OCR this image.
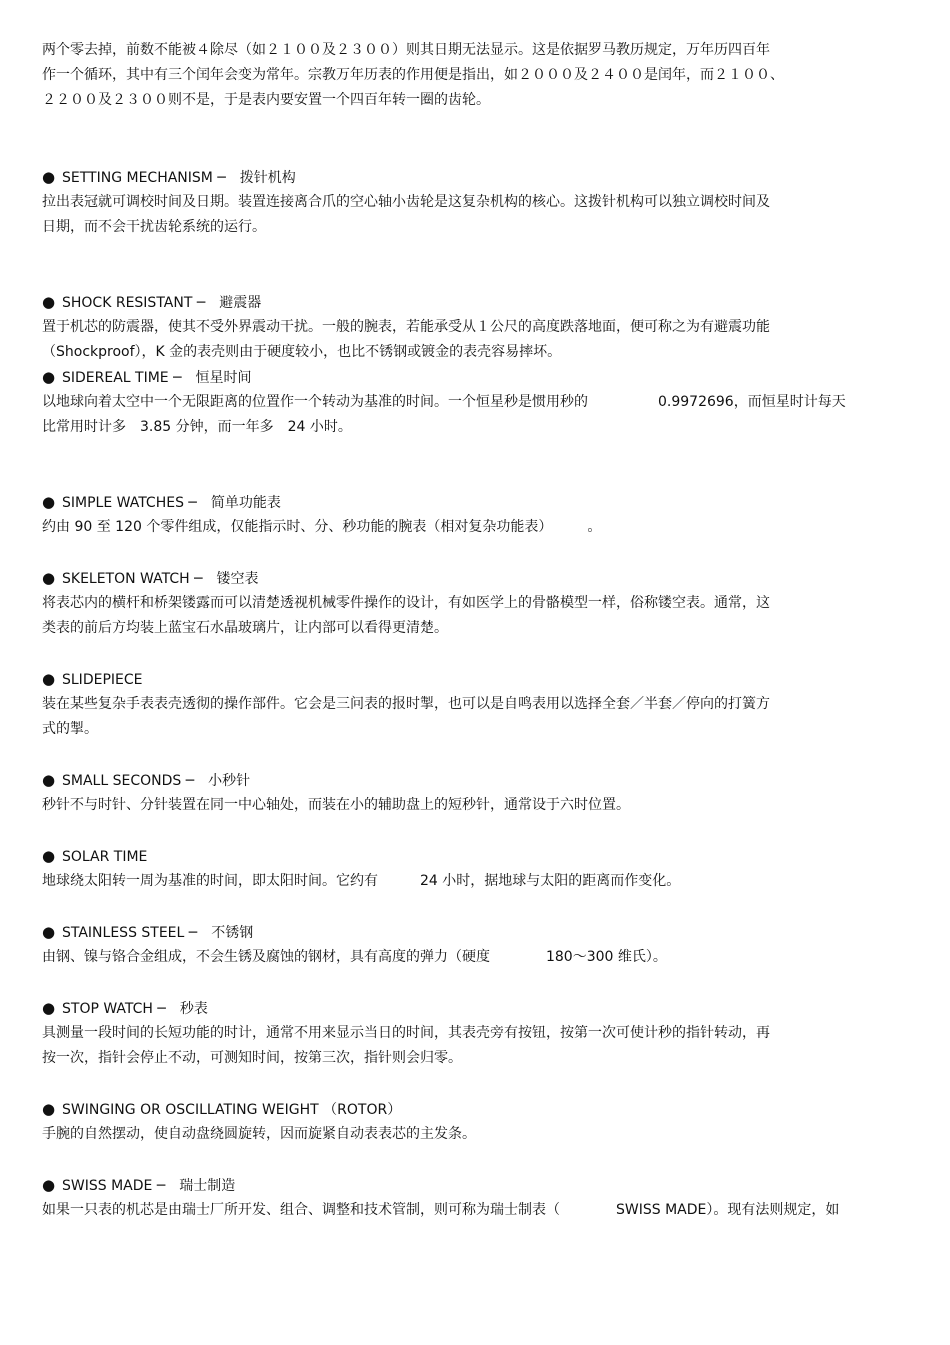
两个零去掉，前数不能被４除尽（如２１００及２３００）则其日期无法显示。这是依据罗马教历规定，万年历四百年
作一个循环，其中有三个闰年会变为常年。宗教万年历表的作用便是指出，如２０００及２４００是闰年，而２１００、
２２００及２３００则不是，于是表内要安置一个四百年转一圈的齿轮。
● SETTING MECHANISM ─　拨针机构
拉出表冠就可调校时间及日期。装置连接离合爪的空心轴小齿轮是这复杂机构的核心。这拨针机构可以独立调校时间及
日期，而不会干扰齿轮系统的运行。
● SHOCK RESISTANT ─　避震器
置于机芯的防震器，使其不受外界震动干扰。一般的腕表，若能承受从１公尺的高度跌落地面，便可称之为有避震功能
（Shockproof），K 金的表壳则由于硬度较小，也比不锈钢或镀金的表壳容易摔坏。
● SIDEREAL TIME ─　恒星时间
以地球向着太空中一个无限距离的位置作一个转动为基准的时间。一个恒星秒是惯用秒的　　　　　0.9972696，而恒星时计每天
比常用时计多　3.85 分钟，而一年多　24 小时。
● SIMPLE WATCHES ─　简单功能表
约由 90 至 120 个零件组成，仅能指示时、分、秒功能的腕表（相对复杂功能表）　　　。
● SKELETON WATCH ─　镂空表
将表芯内的横杆和桥架镂露而可以清楚透视机械零件操作的设计，有如医学上的骨骼模型一样，俗称镂空表。通常，这
类表的前后方均装上蓝宝石水晶玻璃片，让内部可以看得更清楚。
● SLIDEPIECE
装在某些复杂手表表壳透彻的操作部件。它会是三问表的报时掣，也可以是自鸣表用以选择全套／半套／停向的打簧方
式的掣。
● SMALL SECONDS ─　小秒针
秒针不与时针、分针装置在同一中心轴处，而装在小的辅助盘上的短秒针，通常设于六时位置。
● SOLAR TIME
地球绕太阳转一周为基准的时间，即太阳时间。它约有　　　24 小时，据地球与太阳的距离而作变化。
● STAINLESS STEEL ─　不锈钢
由钢、镍与铬合金组成，不会生锈及腐蚀的钢材，具有高度的弹力（硬度　　　　180～300 维氏）。
● STOP WATCH ─　秒表
具测量一段时间的长短功能的时计，通常不用来显示当日的时间，其表壳旁有按钮，按第一次可使计秒的指针转动，再
按一次，指针会停止不动，可测知时间，按第三次，指针则会归零。
● SWINGING OR OSCILLATING WEIGHT （ROTOR）
手腕的自然摆动，使自动盘绕圆旋转，因而旋紧自动表表芯的主发条。
● SWISS MADE ─　瑞士制造
如果一只表的机芯是由瑞士厂所开发、组合、调整和技术管制，则可称为瑞士制表（　　　　SWISS MADE）。现有法则规定，如
